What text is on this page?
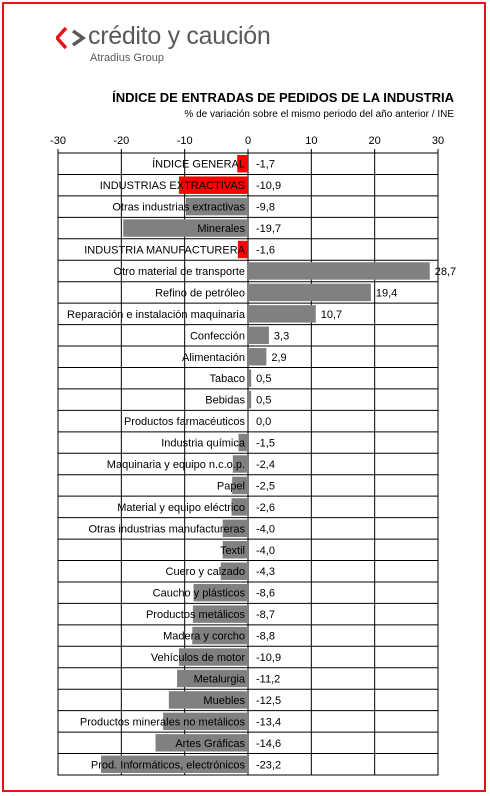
crédito y caución
Atradius Group
ÍNDICE DE ENTRADAS DE PEDIDOS DE LA INDUSTRIA
% de variación sobre el mismo periodo del año anterior / INE
-30	-20	-10	0	10	20	30
ÍNDICE GENERAL -1,7
INDUSTRIAS EXTRACTIVAS -10,9
Otras industrias extractivas -9,8
Minerales -19,7
INDUSTRIA MANUFACTURERA -1,6
Otro material de transporte	28,7
Refino de petróleo	19,4
Reparación e instalación maquinaria	10,7
Confección	3,3
Alimentación 2,9
Tabaco 0,5
Bebidas 0,5
Productos farmacéuticos 0,0
Industria química -1,5
Maquinaria y equipo n.c.o.p. -2,4
Papel -2,5
Material y equipo eléctrico -2,6
Otras industrias manufactureras -4,0
Textil -4,0
Cuero y calzado -4,3
Caucho y plásticos -8,6
Productos metálicos -8,7
Madera y corcho -8,8
Vehículos de motor -10,9
Metalurgia -11,2
Muebles -12,5
Productos minerales no metálicos -13,4
Artes Gráficas -14,6
Prod. Informáticos, electrónicos -23,2
